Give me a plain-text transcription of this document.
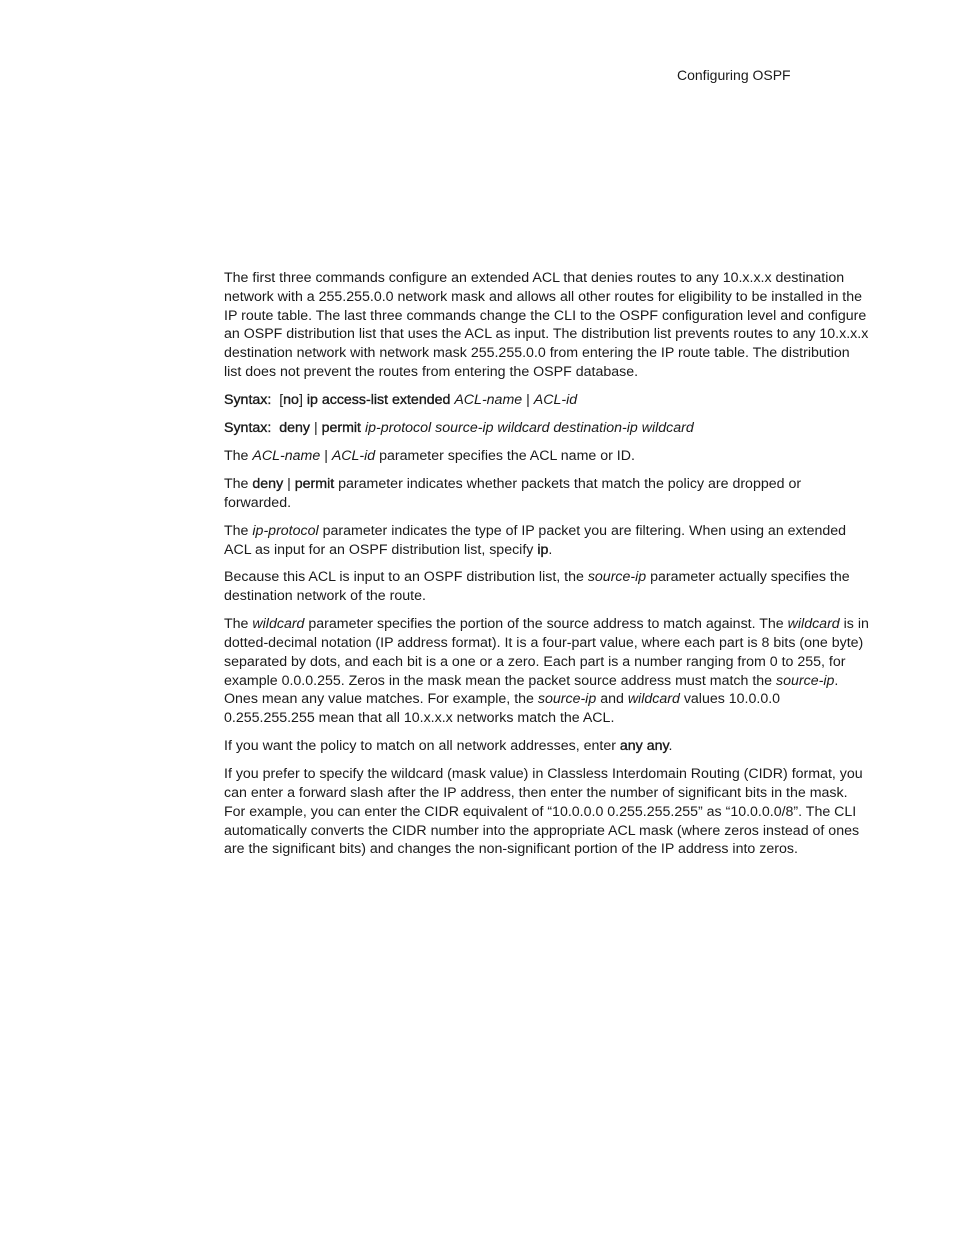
Configuring OSPF

The first three commands configure an extended ACL that denies routes to any 10.x.x.x destination network with a 255.255.0.0 network mask and allows all other routes for eligibility to be installed in the IP route table. The last three commands change the CLI to the OSPF configuration level and configure an OSPF distribution list that uses the ACL as input. The distribution list prevents routes to any 10.x.x.x destination network with network mask 255.255.0.0 from entering the IP route table. The distribution list does not prevent the routes from entering the OSPF database.

Syntax: [no] ip access-list extended ACL-name | ACL-id

Syntax: deny | permit ip-protocol source-ip wildcard destination-ip wildcard

The ACL-name | ACL-id parameter specifies the ACL name or ID.

The deny | permit parameter indicates whether packets that match the policy are dropped or forwarded.

The ip-protocol parameter indicates the type of IP packet you are filtering. When using an extended ACL as input for an OSPF distribution list, specify ip.

Because this ACL is input to an OSPF distribution list, the source-ip parameter actually specifies the destination network of the route.

The wildcard parameter specifies the portion of the source address to match against. The wildcard is in dotted-decimal notation (IP address format). It is a four-part value, where each part is 8 bits (one byte) separated by dots, and each bit is a one or a zero. Each part is a number ranging from 0 to 255, for example 0.0.0.255. Zeros in the mask mean the packet source address must match the source-ip. Ones mean any value matches. For example, the source-ip and wildcard values 10.0.0.0 0.255.255.255 mean that all 10.x.x.x networks match the ACL.

If you want the policy to match on all network addresses, enter any any.

If you prefer to specify the wildcard (mask value) in Classless Interdomain Routing (CIDR) format, you can enter a forward slash after the IP address, then enter the number of significant bits in the mask. For example, you can enter the CIDR equivalent of “10.0.0.0 0.255.255.255” as “10.0.0.0/8”. The CLI automatically converts the CIDR number into the appropriate ACL mask (where zeros instead of ones are the significant bits) and changes the non-significant portion of the IP address into zeros.
